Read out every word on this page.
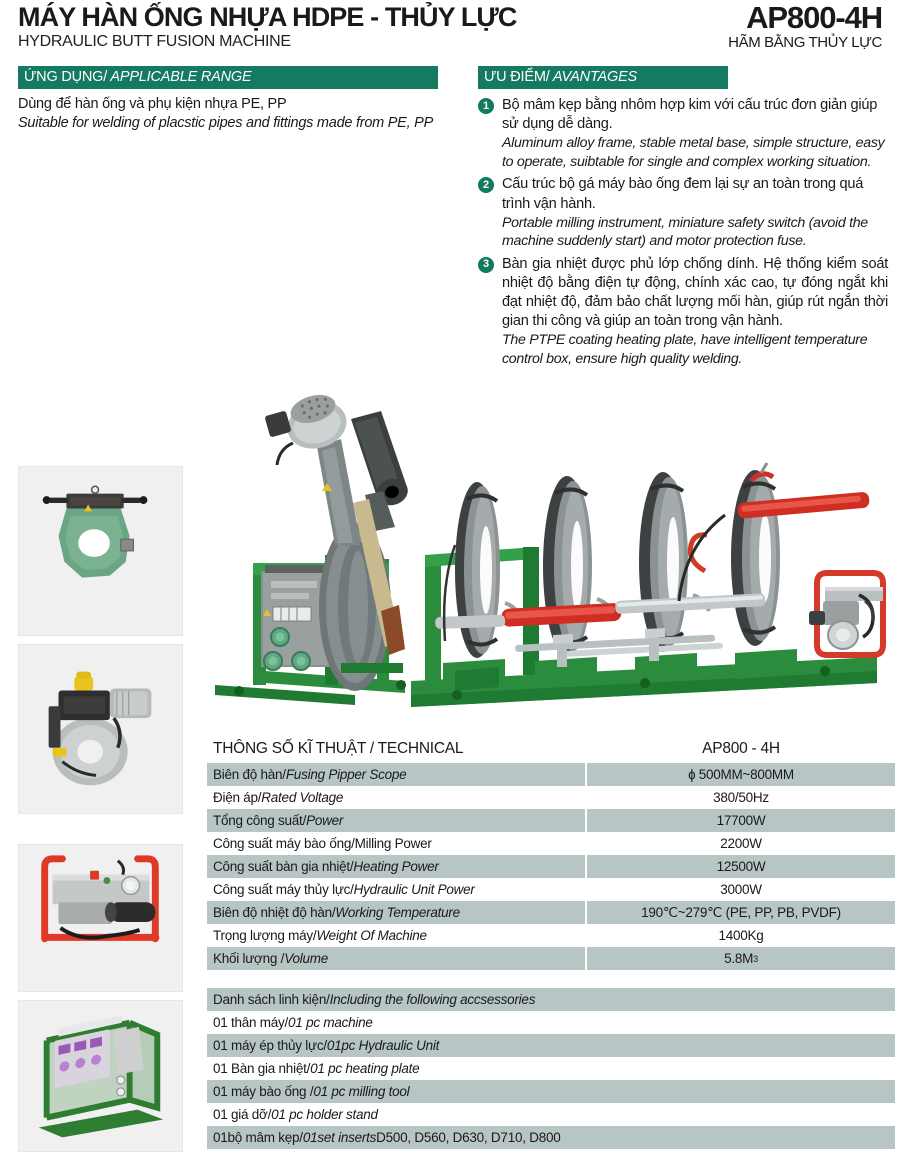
MÁY HÀN ỐNG NHỰA HDPE - THỦY LỰC
HYDRAULIC BUTT FUSION MACHINE
AP800-4H
HÃM BẰNG THỦY LỰC
ỨNG DỤNG/ APPLICABLE RANGE
Dùng để hàn ống và phụ kiện nhựa PE, PP
Suitable for welding of placstic pipes and fittings made from PE, PP
ƯU ĐIỂM/ AVANTAGES
1 Bộ mâm kẹp bằng nhôm hợp kim với cấu trúc đơn giản giúp sử dụng dễ dàng.
Aluminum alloy frame, stable metal base, simple structure, easy to operate, suibtable for single and complex working situation.
2 Cấu trúc bộ gá máy bào ống đem lại sự an toàn trong quá trình vận hành.
Portable milling instrument, miniature safety switch (avoid the machine suddenly start) and motor protection fuse.
3 Bàn gia nhiệt được phủ lớp chống dính. Hệ thống kiểm soát nhiệt độ bằng điện tự động, chính xác cao, tự đóng ngắt khi đạt nhiệt độ, đảm bảo chất lượng mối hàn, giúp rút ngắn thời gian thi công và giúp an toàn trong vận hành.
The PTPE coating heating plate, have intelligent temperature control box, ensure high quality welding.
THÔNG SỐ KĨ THUẬT / TECHNICAL	AP800 - 4H
Biên độ hàn/ Fusing Pipper Scope	ɸ 500MM~800MM
Điện áp/ Rated Voltage	380/50Hz
Tổng công suất/ Power	17700W
Công suất máy bào ống/ Milling Power	2200W
Công suất bàn gia nhiệt/ Heating Power	12500W
Công suất máy thủy lực/ Hydraulic Unit Power	3000W
Biên độ nhiệt độ hàn/ Working Temperature	190℃~279℃ (PE, PP, PB, PVDF)
Trọng lượng máy/ Weight Of Machine	1400Kg
Khối lượng / Volume	5.8M 3
Danh sách linh kiện/ Including the following accsessories
01 thân máy/ 01 pc machine
01 máy ép thủy lực/ 01pc Hydraulic Unit
01 Bàn gia nhiệt/ 01 pc heating plate
01 máy bào ống / 01 pc milling tool
01 giá dỡ/ 01 pc holder stand
01bộ mâm kẹp/ 01set inserts D500, D560, D630, D710, D800
